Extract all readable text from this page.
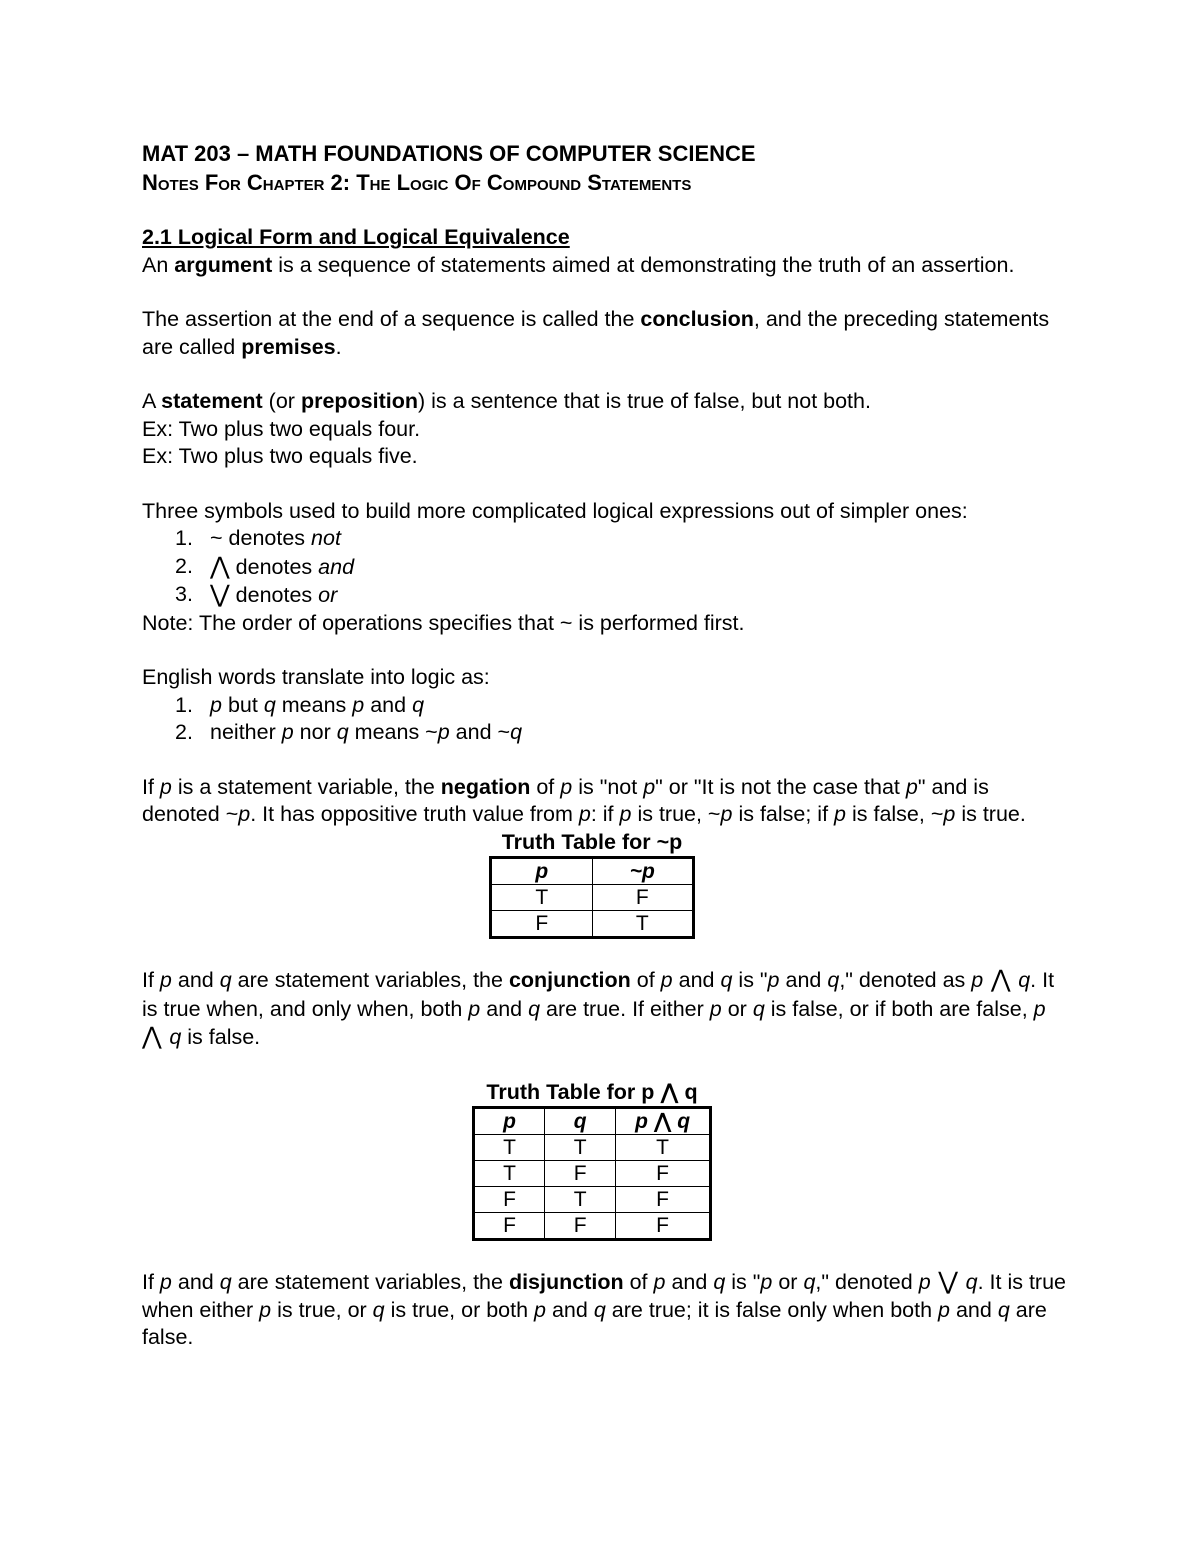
MAT 203 – MATH FOUNDATIONS OF COMPUTER SCIENCE
Notes For Chapter 2: The Logic Of Compound Statements
2.1 Logical Form and Logical Equivalence

An argument is a sequence of statements aimed at demonstrating the truth of an assertion.

The assertion at the end of a sequence is called the conclusion, and the preceding statements are called premises.

A statement (or preposition) is a sentence that is true of false, but not both.

Ex: Two plus two equals four.

Ex: Two plus two equals five.

Three symbols used to build more complicated logical expressions out of simpler ones:

1. ~ denotes not
2. ⋀ denotes and
3. ⋁ denotes or

Note: The order of operations specifies that ~ is performed first.

English words translate into logic as:

1. p but q means p and q
2. neither p nor q means ~p and ~q

If p is a statement variable, the negation of p is "not p" or "It is not the case that p" and is denoted ~p. It has oppositive truth value from p: if p is true, ~p is false; if p is false, ~p is true.

Truth Table for ~p
p	~p
T	F
F	T

If p and q are statement variables, the conjunction of p and q is "p and q," denoted as p ⋀ q. It is true when, and only when, both p and q are true. If either p or q is false, or if both are false, p ⋀ q is false.

Truth Table for p ⋀ q
p	q	p ⋀ q
T	T	T
T	F	F
F	T	F
F	F	F

If p and q are statement variables, the disjunction of p and q is "p or q," denoted p ⋁ q. It is true when either p is true, or q is true, or both p and q are true; it is false only when both p and q are false.
